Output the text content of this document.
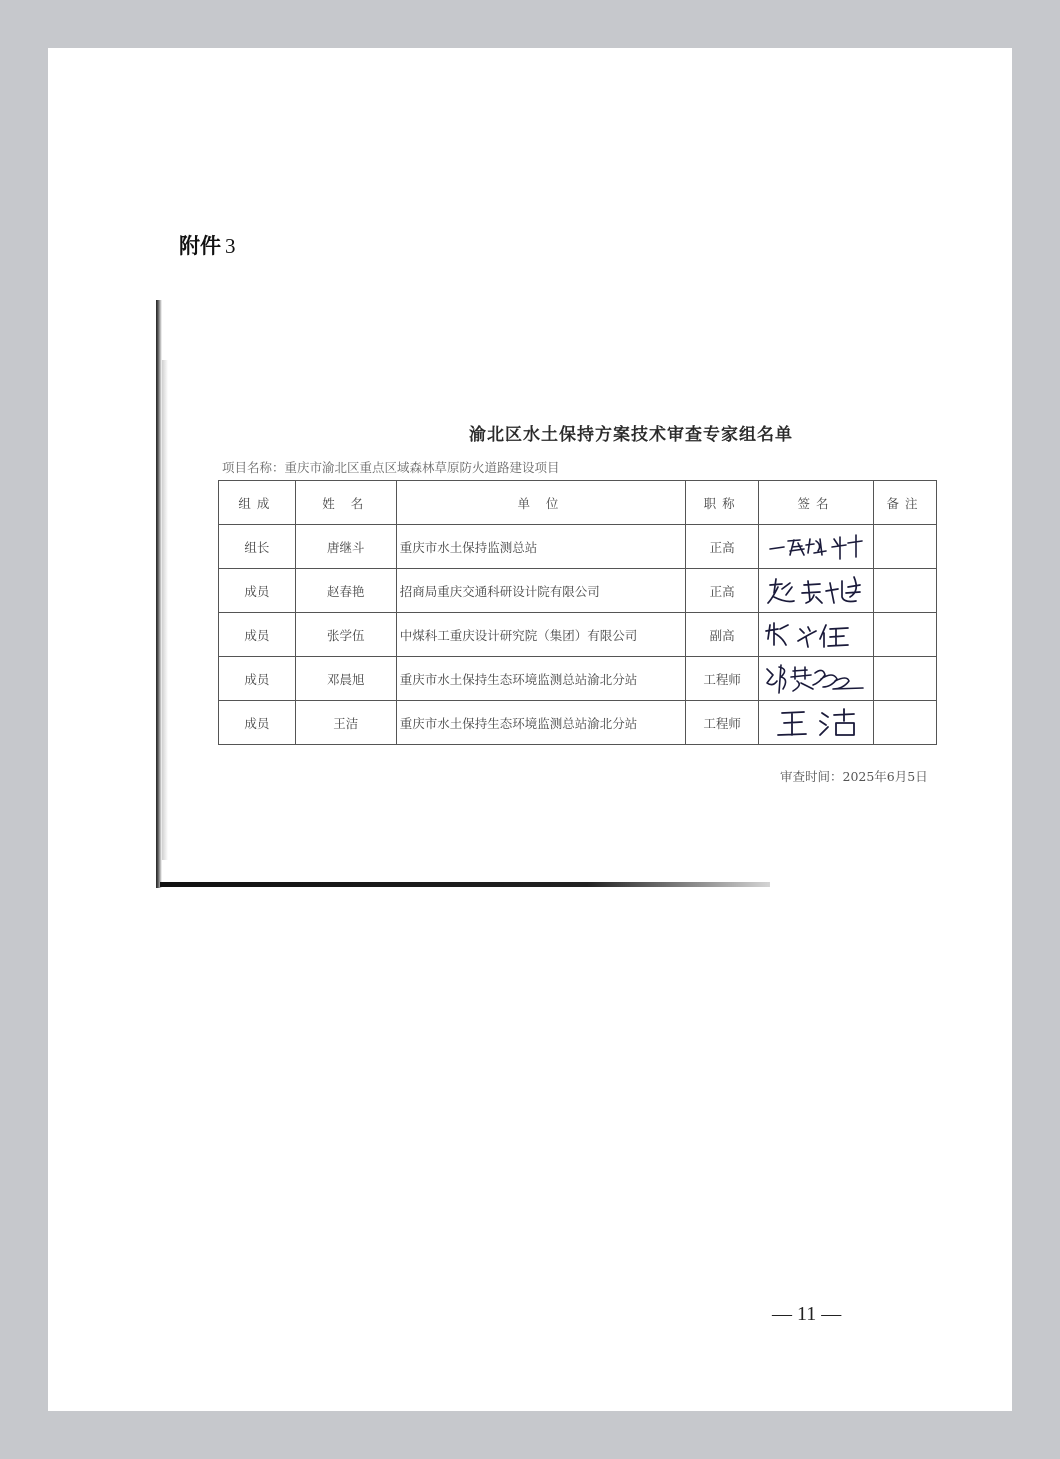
附件 3
渝北区水土保持方案技术审查专家组名单
项目名称：重庆市渝北区重点区域森林草原防火道路建设项目
组成	姓 名	单 位	职称	签名	备注
组长	唐继斗	重庆市水土保持监测总站	正高	

成员	赵春艳	招商局重庆交通科研设计院有限公司	正高	

成员	张学伍	中煤科工重庆设计研究院（集团）有限公司	副高	

成员	邓晨旭	重庆市水土保持生态环境监测总站渝北分站	工程师	

成员	王洁	重庆市水土保持生态环境监测总站渝北分站	工程师	

审查时间：2025年6月5日
— 11 —
